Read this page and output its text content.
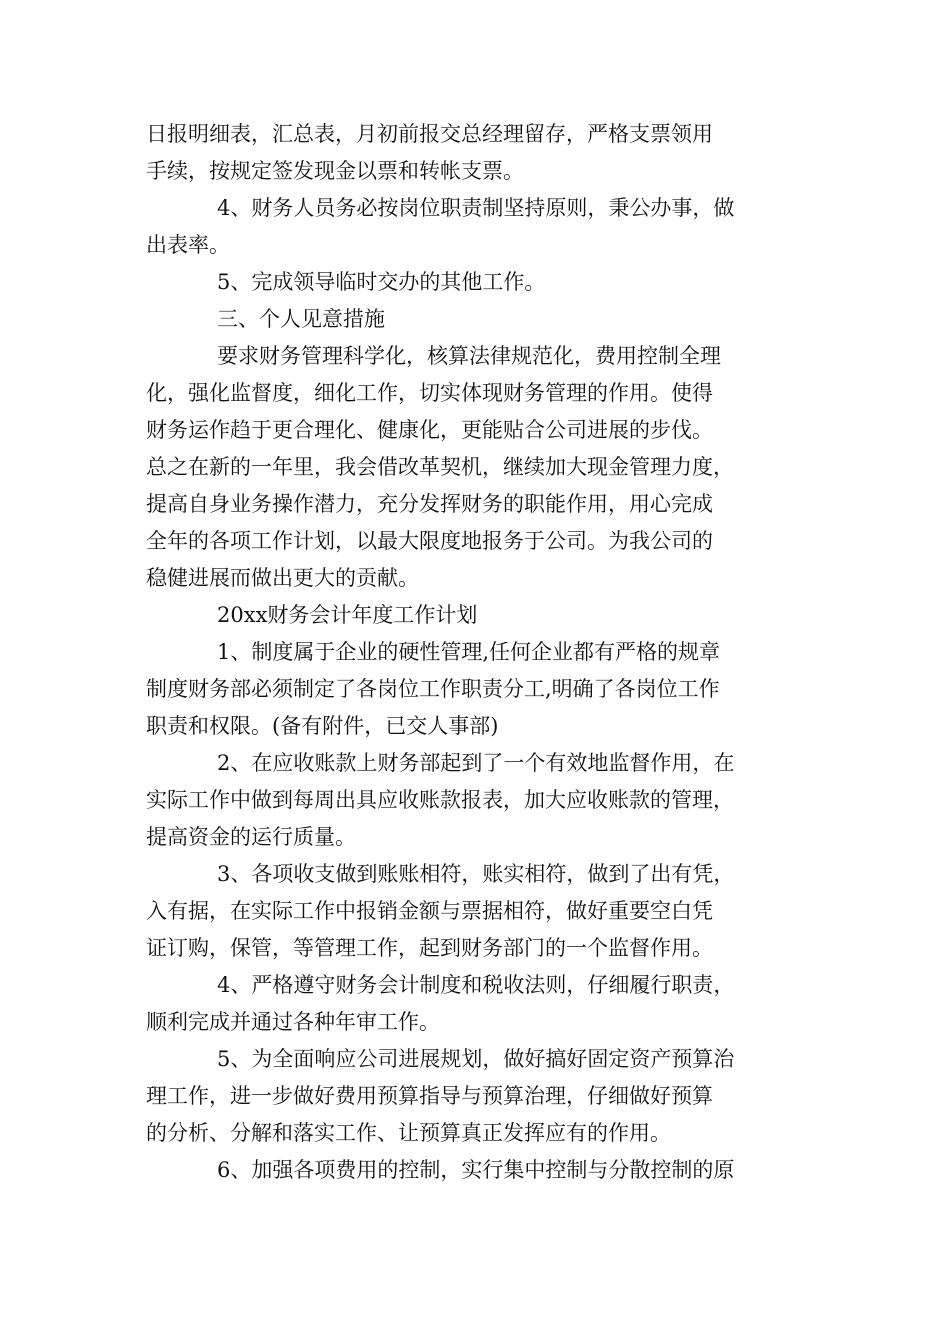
日报明细表，汇总表，月初前报交总经理留存，严格支票领用
手续，按规定签发现金以票和转帐支票。
4、财务人员务必按岗位职责制坚持原则，秉公办事，做
出表率。
5、完成领导临时交办的其他工作。
三、个人见意措施
要求财务管理科学化，核算法律规范化，费用控制全理
化，强化监督度，细化工作，切实体现财务管理的作用。使得
财务运作趋于更合理化、健康化，更能贴合公司进展的步伐。
总之在新的一年里，我会借改革契机，继续加大现金管理力度，
提高自身业务操作潜力，充分发挥财务的职能作用，用心完成
全年的各项工作计划，以最大限度地报务于公司。为我公司的
稳健进展而做出更大的贡献。
20xx财务会计年度工作计划
1、制度属于企业的硬性管理,任何企业都有严格的规章
制度财务部必须制定了各岗位工作职责分工,明确了各岗位工作
职责和权限。(备有附件，已交人事部)
2、在应收账款上财务部起到了一个有效地监督作用，在
实际工作中做到每周出具应收账款报表，加大应收账款的管理，
提高资金的运行质量。
3、各项收支做到账账相符，账实相符，做到了出有凭，
入有据，在实际工作中报销金额与票据相符，做好重要空白凭
证订购，保管，等管理工作，起到财务部门的一个监督作用。
4、严格遵守财务会计制度和税收法则，仔细履行职责，
顺利完成并通过各种年审工作。
5、为全面响应公司进展规划，做好搞好固定资产预算治
理工作，进一步做好费用预算指导与预算治理，仔细做好预算
的分析、分解和落实工作、让预算真正发挥应有的作用。
6、加强各项费用的控制，实行集中控制与分散控制的原
